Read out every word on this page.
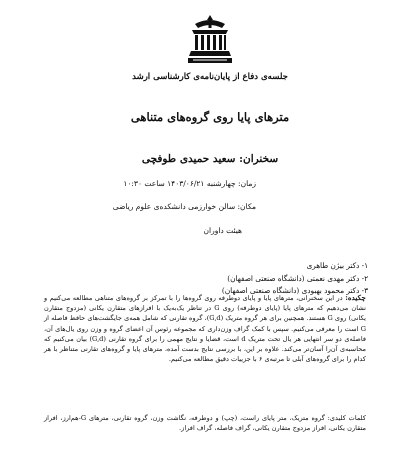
جلسه‌ی دفاع از پایان‌نامه‌ی کارشناسی ارشد
مترهای پایا روی گروه‌های متناهی
سخنران: سعید حمیدی طوفچی
زمان: چهارشنبه ۱۴۰۳/۰۶/۲۱ ساعت ۱۰:۳۰
مکان: سالن خوارزمی دانشکده‌ی علوم ریاضی
هیئت داوران
۱- دکتر بیژن طاهری
۲- دکتر مهدی نعمتی (دانشگاه صنعتی اصفهان)
۳- دکتر محمود بهبودی (دانشگاه صنعتی اصفهان)
چکیده: در این سخنرانی، مترهای پایا و پایای دوطرفه روی گروه‌ها را با تمرکز بر گروه‌های متناهی مطالعه می‌کنیم و نشان می‌دهیم که مترهای پایا (پایای دوطرفه) روی G در تناظر یک‌به‌یک با افرازهای متقارن یکانی (مزدوج متقارن یکانی) روی G هستند. همچنین برای هر گروه متریک (G,d)، گروه تقارنی که شامل همه‌ی جایگشت‌های حافظ فاصله از G است را معرفی می‌کنیم. سپس با کمک گراف وزن‌داری که مجموعه رئوس آن اعضای گروه و وزن روی یال‌های آن، فاصله‌ی دو سر انتهایی هر یال تحت متریک d است، قضایا و نتایج مهمی را برای گروه تقارنی (G,d) بیان می‌کنیم که محاسبه‌ی آن‌را آسان‌تر می‌کند. علاوه بر این، با بررسی نتایج بدست آمده، مترهای پایا و گروه‌های تقارنی متناظر با هر کدام را برای گروه‌های آبلی تا مرتبه‌ی ۶ با جزییات دقیق مطالعه می‌کنیم.
کلمات کلیدی: گروه متریک، متر پایای راست، (چپ) و دوطرفه، نگاشت وزن، گروه تقارنی، مترهای G-هم‌ارز، افراز متقارن یکانی، افراز مزدوج متقارن یکانی، گراف فاصله، گراف افراز.
